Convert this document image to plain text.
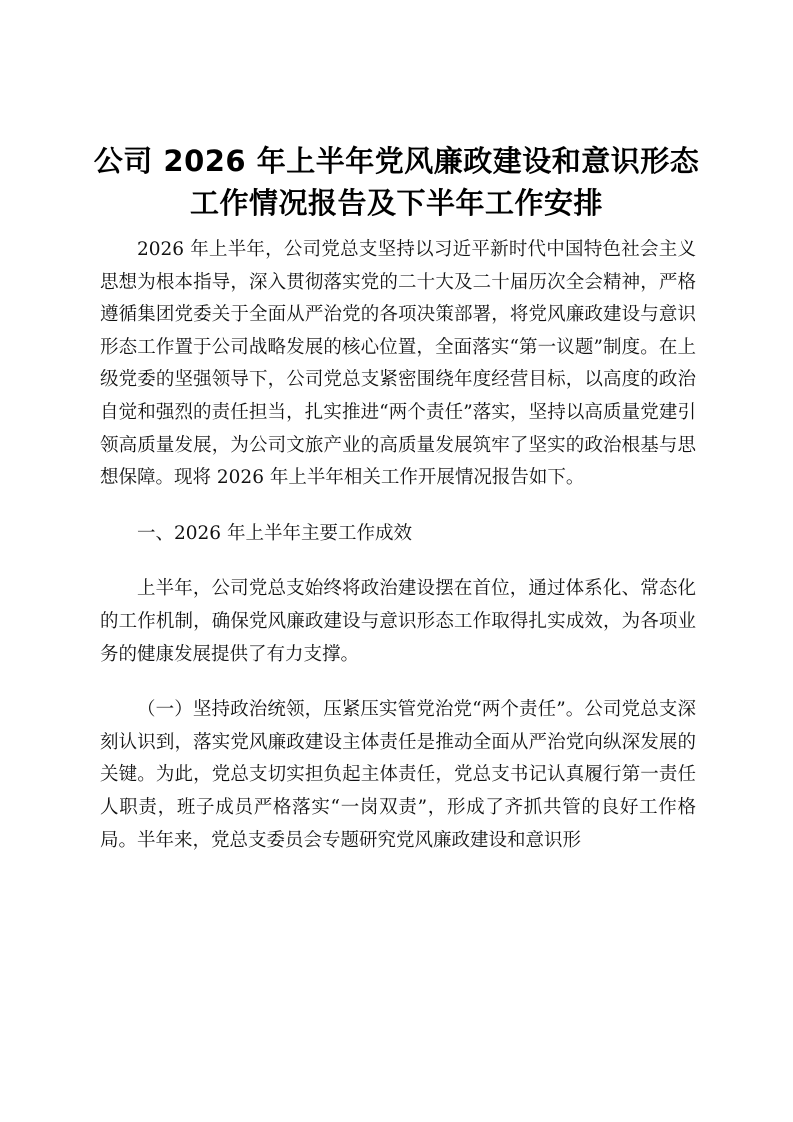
公司 2026 年上半年党风廉政建设和意识形态
工作情况报告及下半年工作安排

2026 年上半年，公司党总支坚持以习近平新时代中国特色社会主义思想为根本指导，深入贯彻落实党的二十大及二十届历次全会精神，严格遵循集团党委关于全面从严治党的各项决策部署，将党风廉政建设与意识形态工作置于公司战略发展的核心位置，全面落实“第一议题”制度。在上级党委的坚强领导下，公司党总支紧密围绕年度经营目标，以高度的政治自觉和强烈的责任担当，扎实推进“两个责任”落实，坚持以高质量党建引领高质量发展，为公司文旅产业的高质量发展筑牢了坚实的政治根基与思想保障。现将 2026 年上半年相关工作开展情况报告如下。

一、2026 年上半年主要工作成效

上半年，公司党总支始终将政治建设摆在首位，通过体系化、常态化的工作机制，确保党风廉政建设与意识形态工作取得扎实成效，为各项业务的健康发展提供了有力支撑。

（一）坚持政治统领，压紧压实管党治党“两个责任”。公司党总支深刻认识到，落实党风廉政建设主体责任是推动全面从严治党向纵深发展的关键。为此，党总支切实担负起主体责任，党总支书记认真履行第一责任人职责，班子成员严格落实“一岗双责”，形成了齐抓共管的良好工作格局。半年来，党总支委员会专题研究党风廉政建设和意识形
